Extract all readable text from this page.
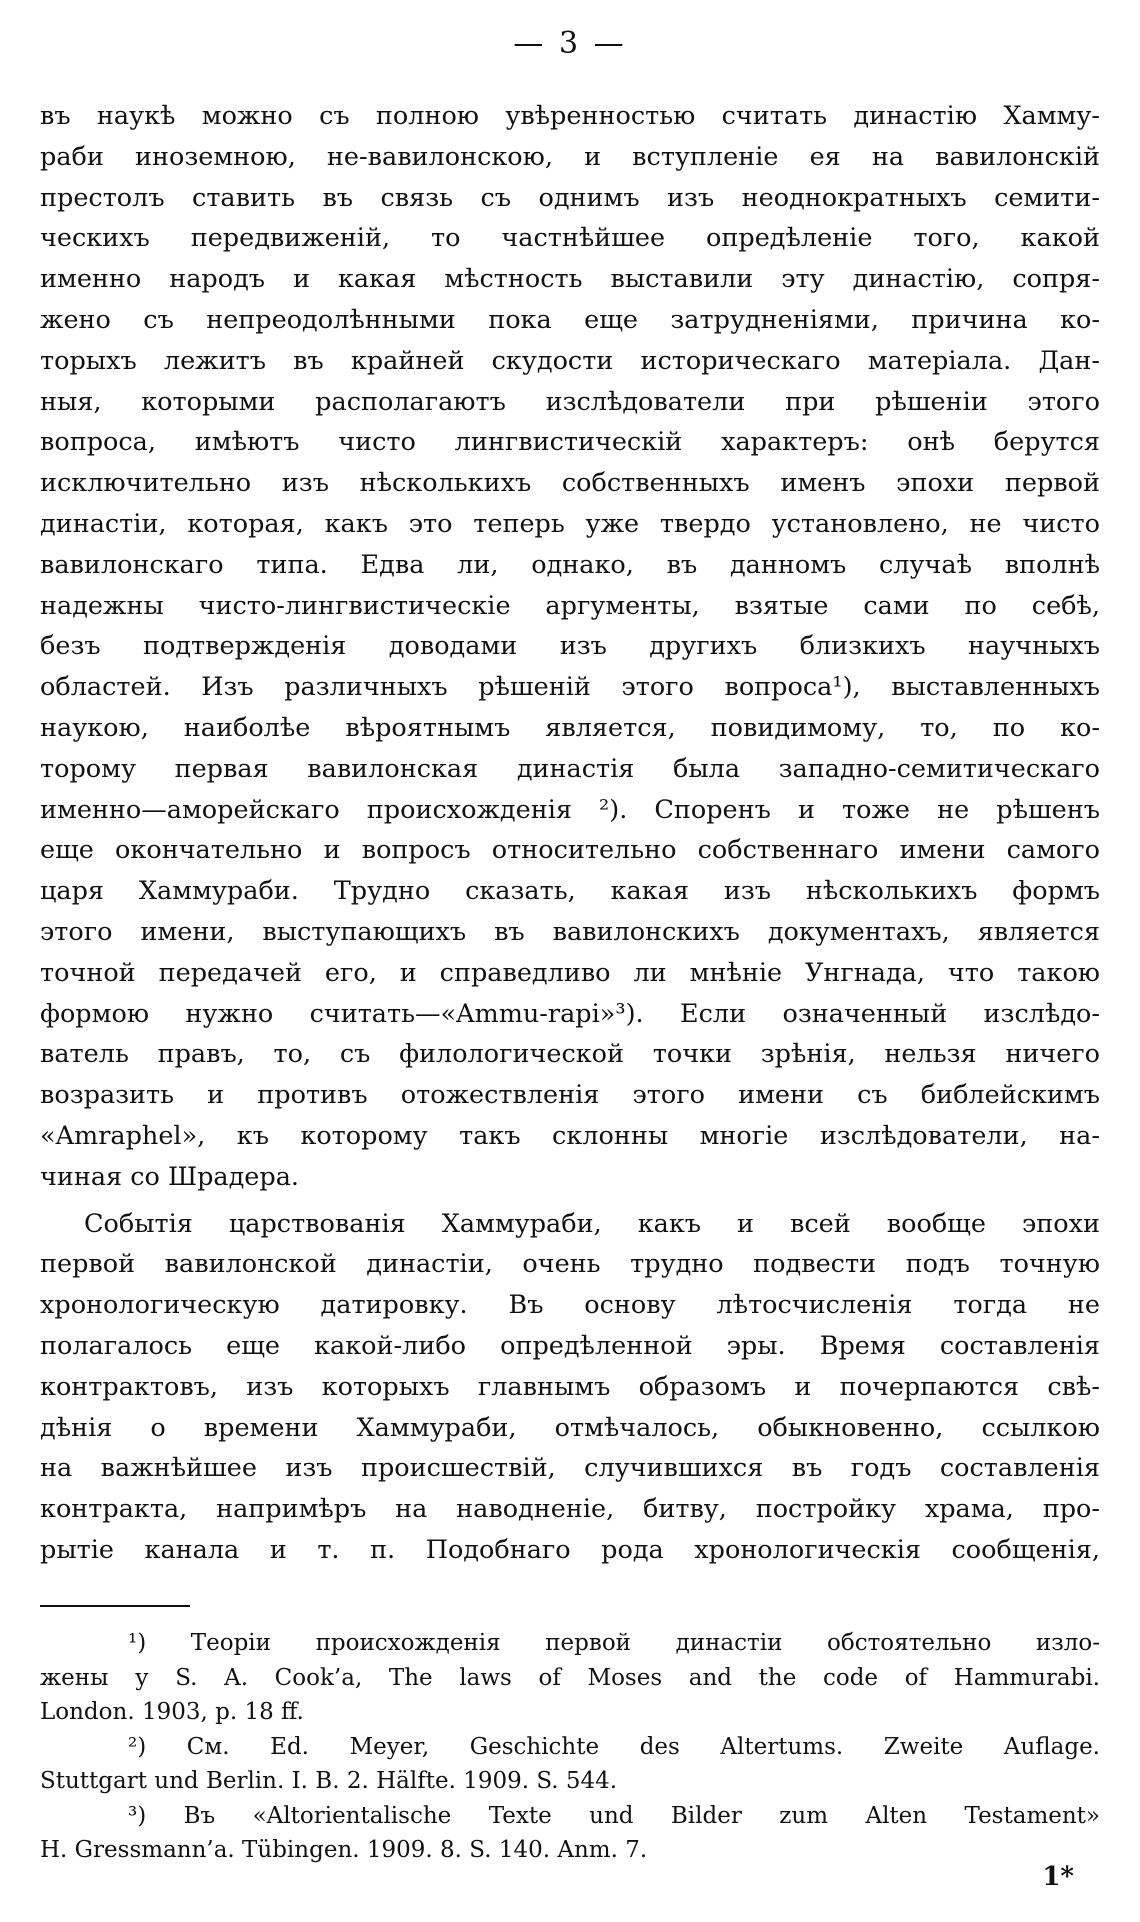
— 3 —
въ наукѣ можно съ полною увѣренностью считать династію Хамму-
раби иноземною, не-вавилонскою, и вступленіе ея на вавилонскій
престолъ ставить въ связь съ однимъ изъ неоднократныхъ семити-
ческихъ передвиженій, то частнѣйшее опредѣленіе того, какой
именно народъ и какая мѣстность выставили эту династію, сопря-
жено съ непреодолѣнными пока еще затрудненіями, причина ко-
торыхъ лежитъ въ крайней скудости историческаго матеріала. Дан-
ныя, которыми располагаютъ изслѣдователи при рѣшеніи этого
вопроса, имѣютъ чисто лингвистическій характеръ: онѣ берутся
исключительно изъ нѣсколькихъ собственныхъ именъ эпохи первой
династіи, которая, какъ это теперь уже твердо установлено, не чисто
вавилонскаго типа. Едва ли, однако, въ данномъ случаѣ вполнѣ
надежны чисто-лингвистическіе аргументы, взятые сами по себѣ,
безъ подтвержденія доводами изъ другихъ близкихъ научныхъ
областей. Изъ различныхъ рѣшеній этого вопроса¹), выставленныхъ
наукою, наиболѣе вѣроятнымъ является, повидимому, то, по ко-
торому первая вавилонская династія была западно-семитическаго
именно—аморейскаго происхожденія ²). Споренъ и тоже не рѣшенъ
еще окончательно и вопросъ относительно собственнаго имени самого
царя Хаммураби. Трудно сказать, какая изъ нѣсколькихъ формъ
этого имени, выступающихъ въ вавилонскихъ документахъ, является
точной передачей его, и справедливо ли мнѣніе Унгнада, что такою
формою нужно считать—«Ammu-rapi»³). Если означенный изслѣдо-
ватель правъ, то, съ филологической точки зрѣнія, нельзя ничего
возразить и противъ отожествленія этого имени съ библейскимъ
«Amraphel», къ которому такъ склонны многіе изслѣдователи, на-
чиная со Шрадера.
Событія царствованія Хаммураби, какъ и всей вообще эпохи
первой вавилонской династіи, очень трудно подвести подъ точную
хронологическую датировку. Въ основу лѣтосчисленія тогда не
полагалось еще какой-либо опредѣленной эры. Время составленія
контрактовъ, изъ которыхъ главнымъ образомъ и почерпаются свѣ-
дѣнія о времени Хаммураби, отмѣчалось, обыкновенно, ссылкою
на важнѣйшее изъ происшествій, случившихся въ годъ составленія
контракта, напримѣръ на наводненіе, битву, постройку храма, про-
рытіе канала и т. п. Подобнаго рода хронологическія сообщенія,
¹) Теоріи происхожденія первой династіи обстоятельно изло-
жены у S. A. Cook’a, The laws of Moses and the code of Hammurabi.
London. 1903, p. 18 ff.
²) См. Ed. Meyer, Geschichte des Altertums. Zweite Auflage.
Stuttgart und Berlin. I. B. 2. Hälfte. 1909. S. 544.
³) Въ «Altorientalische Texte und Bilder zum Alten Testament»
H. Gressmann’a. Tübingen. 1909. 8. S. 140. Anm. 7.
1*
